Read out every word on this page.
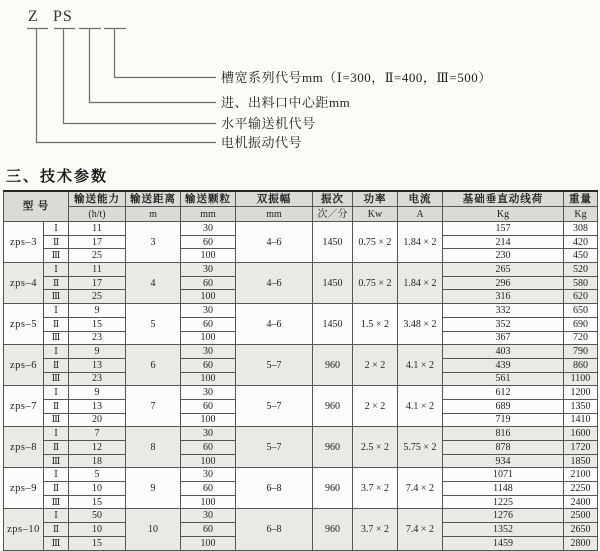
Z PS
槽宽系列代号mm（Ⅰ=300，Ⅱ=400，Ⅲ=500）
进、出料口中心距mm
水平输送机代号
电机振动代号
三、技术参数
型 号		输送能力	输送距离	输送颗粒	双振幅	振次	功率	电流	基础垂直动线荷	重量
		(h/t)	m	mm	mm	次／分	Kw	A	Kg	Kg
zps–3	Ⅰ	11	3	30	4–6	1450	0.75 × 2	1.84 × 2	157	308
	Ⅱ	17		60					214	420
	Ⅲ	25		100					230	450
zps–4	Ⅰ	11	4	30	4–6	1450	0.75 × 2	1.84 × 2	265	520
	Ⅱ	17		60					296	580
	Ⅲ	25		100					316	620
zps–5	Ⅰ	9	5	30	4–6	1450	1.5 × 2	3.48 × 2	332	650
	Ⅱ	15		60					352	690
	Ⅲ	23		100					367	720
zps–6	Ⅰ	9	6	30	5–7	960	2 × 2	4.1 × 2	403	790
	Ⅱ	13		60					439	860
	Ⅲ	23		100					561	1100
zps–7	Ⅰ	9	7	30	5–7	960	2 × 2	4.1 × 2	612	1200
	Ⅱ	13		60					689	1350
	Ⅲ	20		100					719	1410
zps–8	Ⅰ	7	8	30	5–7	960	2.5 × 2	5.75 × 2	816	1600
	Ⅱ	12		60					878	1720
	Ⅲ	18		100					934	1850
zps–9	Ⅰ	5	9	30	6–8	960	3.7 × 2	7.4 × 2	1071	2100
	Ⅱ	10		60					1148	2250
	Ⅲ	15		100					1225	2400
zps–10	Ⅰ	50	10	30	6–8	960	3.7 × 2	7.4 × 2	1276	2500
	Ⅱ	10		60					1352	2650
	Ⅲ	15		100					1459	2800
